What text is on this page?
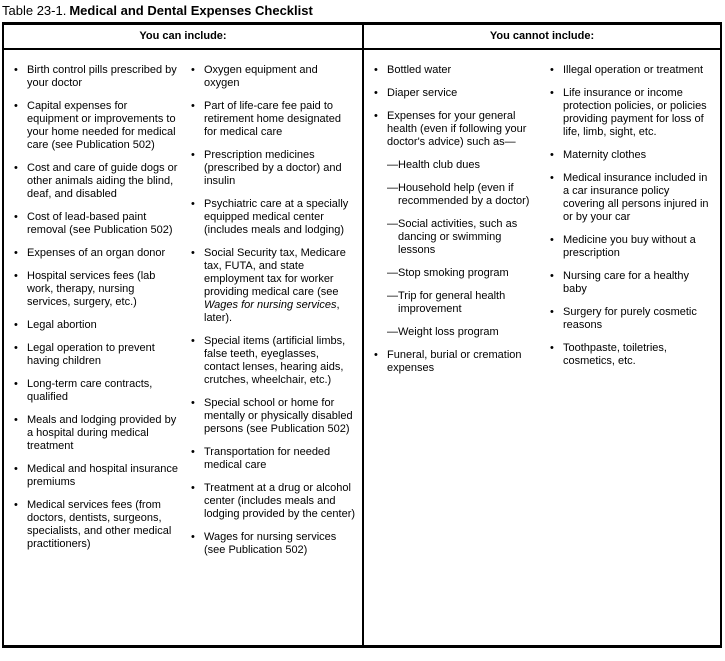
Table 23-1. Medical and Dental Expenses Checklist
You can include:	You cannot include:
• Birth control pills prescribed by your doctor
• Capital expenses for equipment or improvements to your home needed for medical care (see Publication 502)
• Cost and care of guide dogs or other animals aiding the blind, deaf, and disabled
• Cost of lead-based paint removal (see Publication 502)
• Expenses of an organ donor
• Hospital services fees (lab work, therapy, nursing services, surgery, etc.)
• Legal abortion
• Legal operation to prevent having children
• Long-term care contracts, qualified
• Meals and lodging provided by a hospital during medical treatment
• Medical and hospital insurance premiums
• Medical services fees (from doctors, dentists, surgeons, specialists, and other medical practitioners)
• Oxygen equipment and oxygen
• Part of life-care fee paid to retirement home designated for medical care
• Prescription medicines (prescribed by a doctor) and insulin
• Psychiatric care at a specially equipped medical center (includes meals and lodging)
• Social Security tax, Medicare tax, FUTA, and state employment tax for worker providing medical care (see Wages for nursing services, later).
• Special items (artificial limbs, false teeth, eyeglasses, contact lenses, hearing aids, crutches, wheelchair, etc.)
• Special school or home for mentally or physically disabled persons (see Publication 502)
• Transportation for needed medical care
• Treatment at a drug or alcohol center (includes meals and lodging provided by the center)
• Wages for nursing services (see Publication 502)
• Bottled water
• Diaper service
• Expenses for your general health (even if following your doctor's advice) such as—
—Health club dues
—Household help (even if recommended by a doctor)
—Social activities, such as dancing or swimming lessons
—Stop smoking program
—Trip for general health improvement
—Weight loss program
• Funeral, burial or cremation expenses
• Illegal operation or treatment
• Life insurance or income protection policies, or policies providing payment for loss of life, limb, sight, etc.
• Maternity clothes
• Medical insurance included in a car insurance policy covering all persons injured in or by your car
• Medicine you buy without a prescription
• Nursing care for a healthy baby
• Surgery for purely cosmetic reasons
• Toothpaste, toiletries, cosmetics, etc.
